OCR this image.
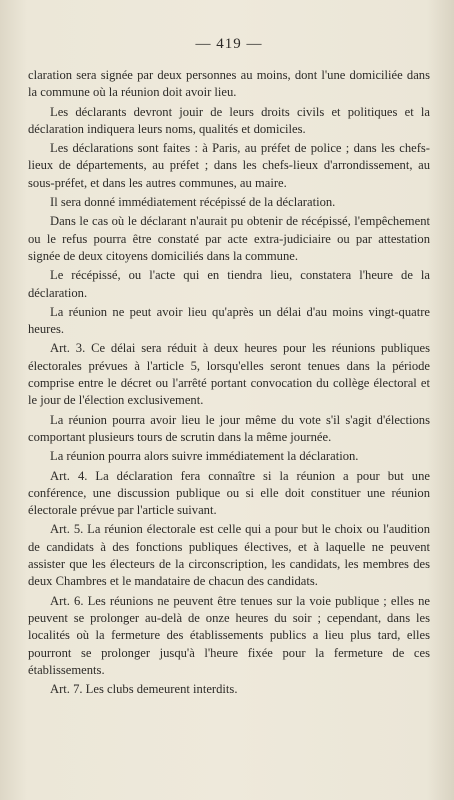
— 419 —

claration sera signée par deux personnes au moins, dont l'une domiciliée dans la commune où la réunion doit avoir lieu.

Les déclarants devront jouir de leurs droits civils et politiques et la déclaration indiquera leurs noms, qualités et domiciles.

Les déclarations sont faites : à Paris, au préfet de police ; dans les chefs-lieux de départements, au préfet ; dans les chefs-lieux d'arrondissement, au sous-préfet, et dans les autres communes, au maire.

Il sera donné immédiatement récépissé de la déclaration.

Dans le cas où le déclarant n'aurait pu obtenir de récépissé, l'empêchement ou le refus pourra être constaté par acte extra-judiciaire ou par attestation signée de deux citoyens domiciliés dans la commune.

Le récépissé, ou l'acte qui en tiendra lieu, constatera l'heure de la déclaration.

La réunion ne peut avoir lieu qu'après un délai d'au moins vingt-quatre heures.

Art. 3. Ce délai sera réduit à deux heures pour les réunions publiques électorales prévues à l'article 5, lorsqu'elles seront tenues dans la période comprise entre le décret ou l'arrêté portant convocation du collège électoral et le jour de l'élection exclusivement.

La réunion pourra avoir lieu le jour même du vote s'il s'agit d'élections comportant plusieurs tours de scrutin dans la même journée.

La réunion pourra alors suivre immédiatement la déclaration.

Art. 4. La déclaration fera connaître si la réunion a pour but une conférence, une discussion publique ou si elle doit constituer une réunion électorale prévue par l'article suivant.

Art. 5. La réunion électorale est celle qui a pour but le choix ou l'audition de candidats à des fonctions publiques électives, et à laquelle ne peuvent assister que les électeurs de la circonscription, les candidats, les membres des deux Chambres et le mandataire de chacun des candidats.

Art. 6. Les réunions ne peuvent être tenues sur la voie publique ; elles ne peuvent se prolonger au-delà de onze heures du soir ; cependant, dans les localités où la fermeture des établissements publics a lieu plus tard, elles pourront se prolonger jusqu'à l'heure fixée pour la fermeture de ces établissements.

Art. 7. Les clubs demeurent interdits.
